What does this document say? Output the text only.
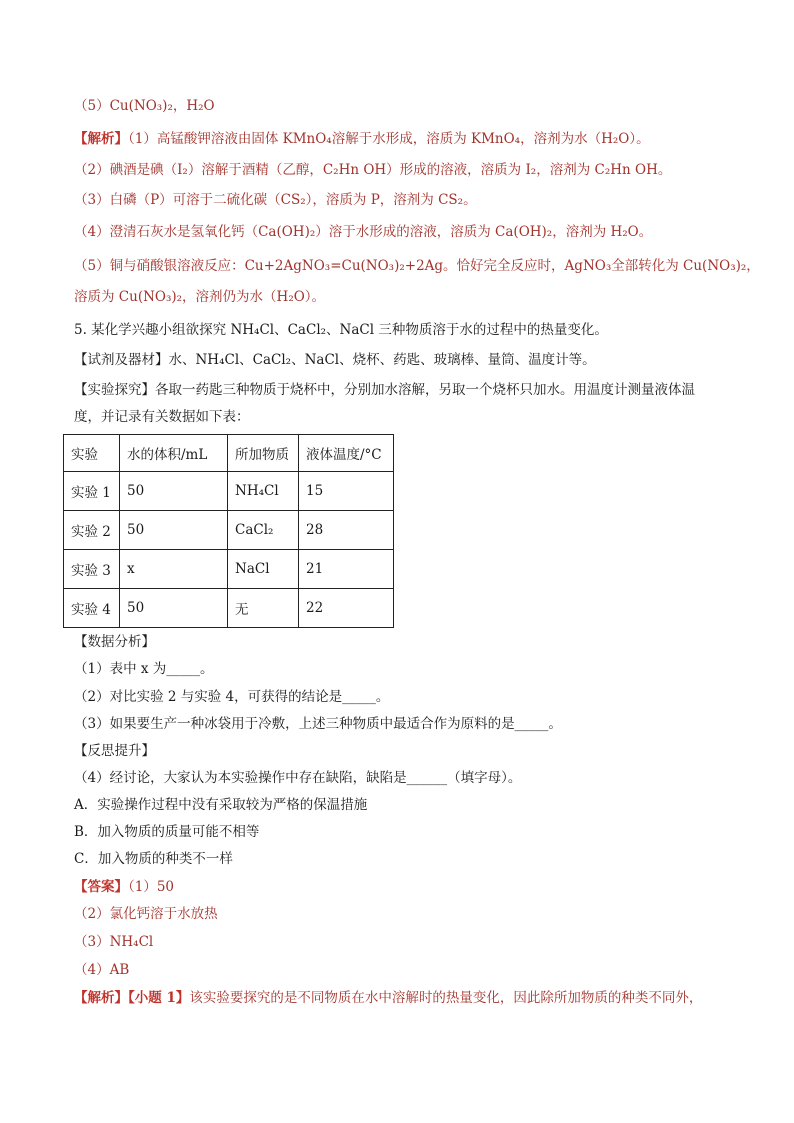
（5）Cu(NO₃)₂，H₂O
【解析】（1）高锰酸钾溶液由固体 KMnO₄溶解于水形成，溶质为 KMnO₄，溶剂为水（H₂O）。
（2）碘酒是碘（I₂）溶解于酒精（乙醇，C₂Hn OH）形成的溶液，溶质为 I₂，溶剂为 C₂Hn OH。
（3）白磷（P）可溶于二硫化碳（CS₂），溶质为 P，溶剂为 CS₂。
（4）澄清石灰水是氢氧化钙（Ca(OH)₂）溶于水形成的溶液，溶质为 Ca(OH)₂，溶剂为 H₂O。
（5）铜与硝酸银溶液反应：Cu+2AgNO₃=Cu(NO₃)₂+2Ag。恰好完全反应时，AgNO₃全部转化为 Cu(NO₃)₂，
溶质为 Cu(NO₃)₂，溶剂仍为水（H₂O）。
5. 某化学兴趣小组欲探究 NH₄Cl、CaCl₂、NaCl 三种物质溶于水的过程中的热量变化。
【试剂及器材】水、NH₄Cl、CaCl₂、NaCl、烧杯、药匙、玻璃棒、量筒、温度计等。
【实验探究】各取一药匙三种物质于烧杯中，分别加水溶解，另取一个烧杯只加水。用温度计测量液体温
度，并记录有关数据如下表：
实验	水的体积/mL	所加物质	液体温度/°C
实验 1	50	NH₄Cl	15
实验 2	50	CaCl₂	28
实验 3	x	NaCl	21
实验 4	50	无	22
【数据分析】
（1）表中 x 为_____。
（2）对比实验 2 与实验 4，可获得的结论是_____。
（3）如果要生产一种冰袋用于冷敷，上述三种物质中最适合作为原料的是_____。
【反思提升】
（4）经讨论，大家认为本实验操作中存在缺陷，缺陷是______（填字母）。
A．实验操作过程中没有采取较为严格的保温措施
B．加入物质的质量可能不相等
C．加入物质的种类不一样
【答案】（1）50
（2）氯化钙溶于水放热
（3）NH₄Cl
（4）AB
【解析】【小题 1】该实验要探究的是不同物质在水中溶解时的热量变化，因此除所加物质的种类不同外，
